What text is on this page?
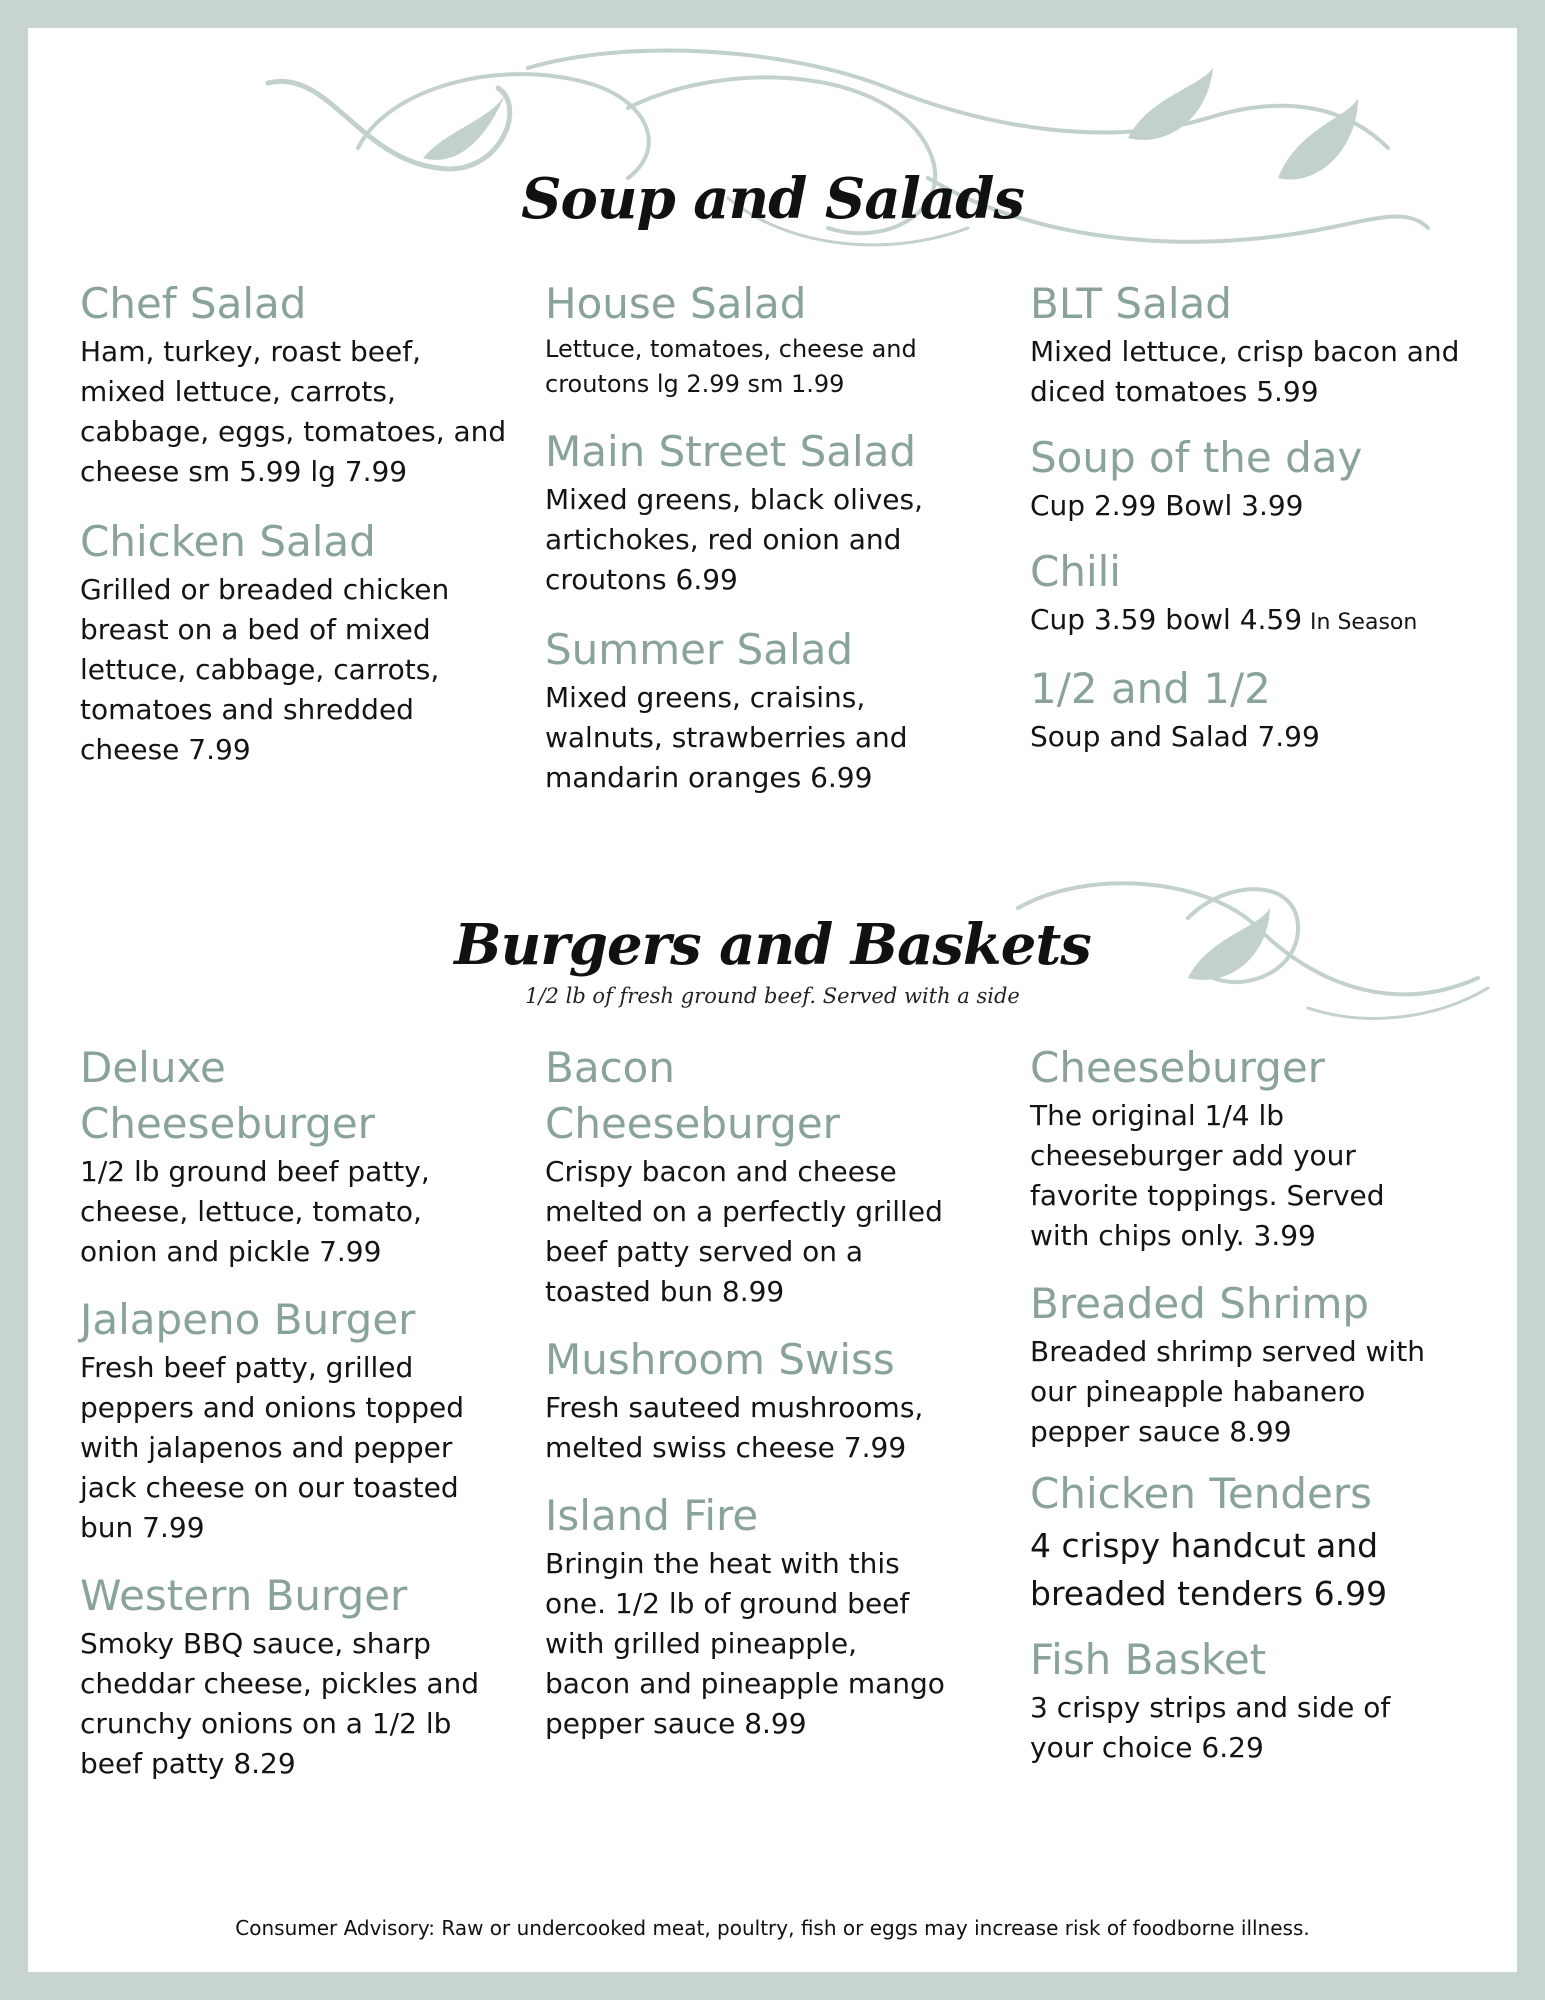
Soup and Salads

Chef Salad

Ham, turkey, roast beef, mixed lettuce, carrots, cabbage, eggs, tomatoes, and cheese sm 5.99 lg 7.99

Chicken Salad

Grilled or breaded chicken breast on a bed of mixed lettuce, cabbage, carrots, tomatoes and shredded cheese 7.99

House Salad

Lettuce, tomatoes, cheese and croutons lg 2.99 sm 1.99

Main Street Salad

Mixed greens, black olives, artichokes, red onion and croutons 6.99

Summer Salad

Mixed greens, craisins, walnuts, strawberries and mandarin oranges 6.99

BLT Salad

Mixed lettuce, crisp bacon and diced tomatoes 5.99

Soup of the day

Cup 2.99 Bowl 3.99

Chili

Cup 3.59 bowl 4.59 In Season

1/2 and 1/2

Soup and Salad 7.99

Burgers and Baskets
1/2 lb of fresh ground beef. Served with a side

Deluxe Cheeseburger

1/2 lb ground beef patty, cheese, lettuce, tomato, onion and pickle 7.99

Jalapeno Burger

Fresh beef patty, grilled peppers and onions topped with jalapenos and pepper jack cheese on our toasted bun 7.99

Western Burger

Smoky BBQ sauce, sharp cheddar cheese, pickles and crunchy onions on a 1/2 lb beef patty 8.29

Bacon Cheeseburger

Crispy bacon and cheese melted on a perfectly grilled beef patty served on a toasted bun 8.99

Mushroom Swiss

Fresh sauteed mushrooms, melted swiss cheese 7.99

Island Fire

Bringin the heat with this one. 1/2 lb of ground beef with grilled pineapple, bacon and pineapple mango pepper sauce 8.99

Cheeseburger

The original 1/4 lb cheeseburger add your favorite toppings. Served with chips only. 3.99

Breaded Shrimp

Breaded shrimp served with our pineapple habanero pepper sauce 8.99

Chicken Tenders

4 crispy handcut and breaded tenders 6.99

Fish Basket

3 crispy strips and side of your choice 6.29

Consumer Advisory: Raw or undercooked meat, poultry, fish or eggs may increase risk of foodborne illness.
